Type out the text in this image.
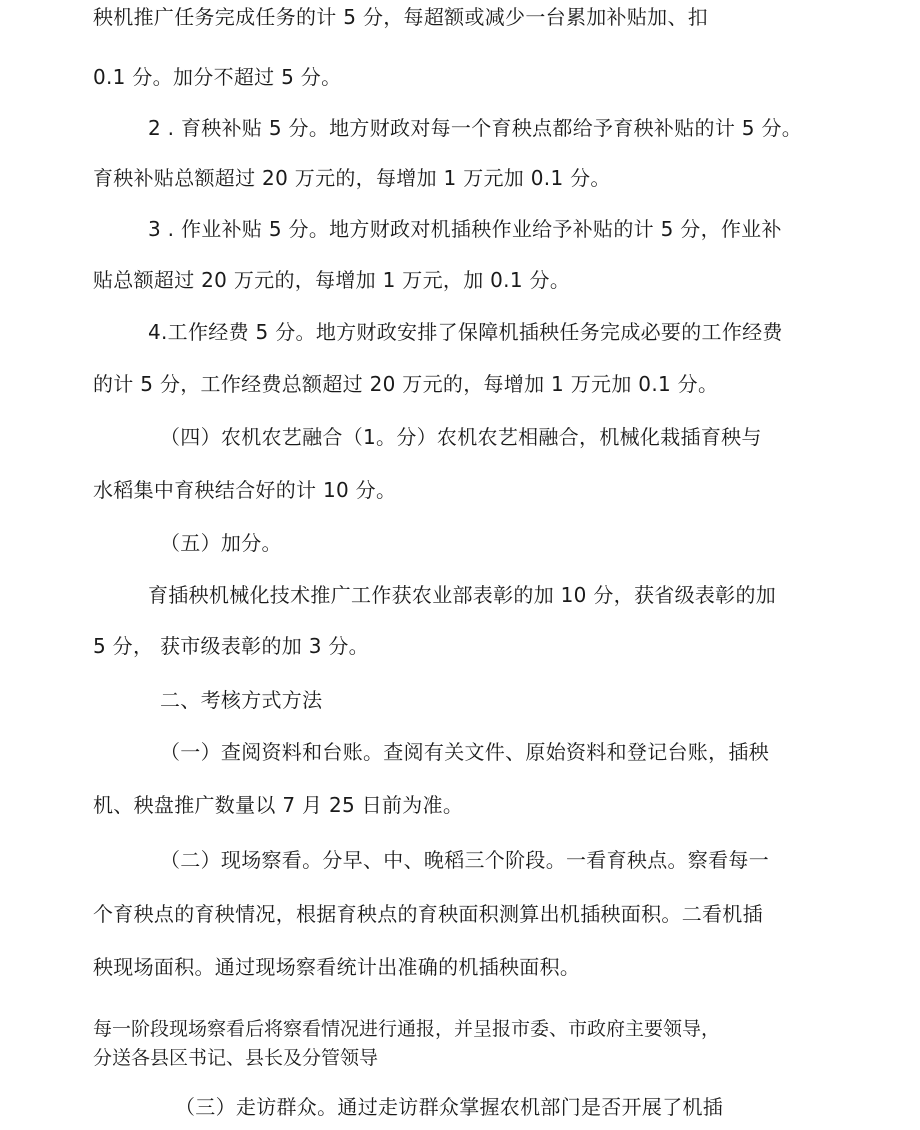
秧机推广任务完成任务的计 5 分，每超额或减少一台累加补贴加、扣
0.1 分。加分不超过 5 分。
2 . 育秧补贴 5 分。地方财政对每一个育秧点都给予育秧补贴的计 5 分。
育秧补贴总额超过 20 万元的，每增加 1 万元加 0.1 分。
3 . 作业补贴 5 分。地方财政对机插秧作业给予补贴的计 5 分，作业补
贴总额超过 20 万元的，每增加 1 万元，加 0.1 分。
4.工作经费 5 分。地方财政安排了保障机插秧任务完成必要的工作经费
的计 5 分，工作经费总额超过 20 万元的，每增加 1 万元加 0.1 分。
（四）农机农艺融合（1。分）农机农艺相融合，机械化栽插育秧与
水稻集中育秧结合好的计 10 分。
（五）加分。
育插秧机械化技术推广工作获农业部表彰的加 10 分，获省级表彰的加
5 分， 获市级表彰的加 3 分。
二、考核方式方法
（一）查阅资料和台账。查阅有关文件、原始资料和登记台账，插秧
机、秧盘推广数量以 7 月 25 日前为准。
（二）现场察看。分早、中、晚稻三个阶段。一看育秧点。察看每一
个育秧点的育秧情况，根据育秧点的育秧面积测算出机插秧面积。二看机插
秧现场面积。通过现场察看统计出准确的机插秧面积。
每一阶段现场察看后将察看情况进行通报，并呈报市委、市政府主要领导，
分送各县区书记、县长及分管领导
（三）走访群众。通过走访群众掌握农机部门是否开展了机插
